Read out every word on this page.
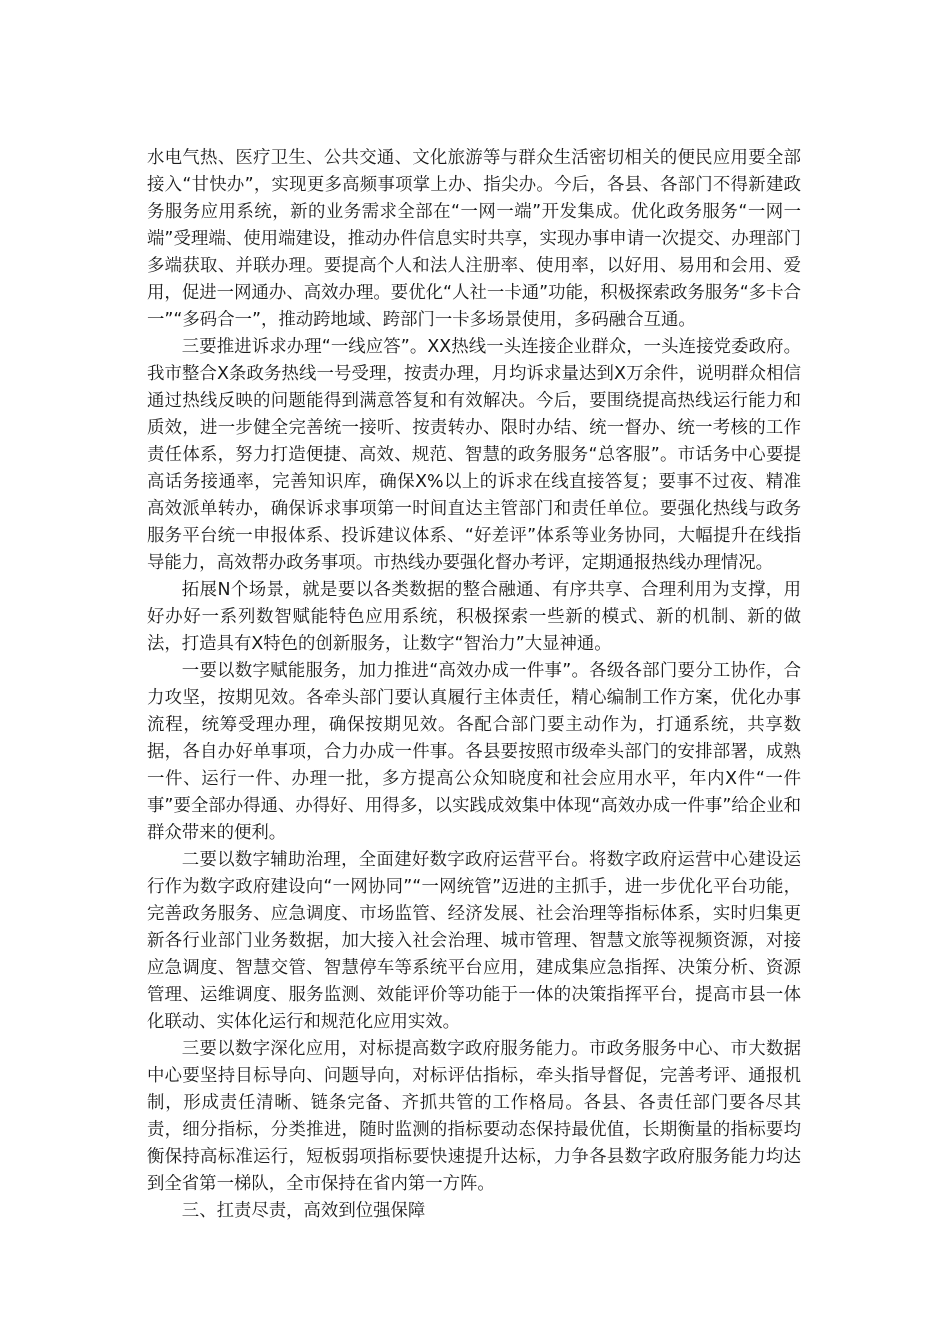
水电气热、医疗卫生、公共交通、文化旅游等与群众生活密切相关的便民应用要全部接入“甘快办”，实现更多高频事项掌上办、指尖办。今后，各县、各部门不得新建政务服务应用系统，新的业务需求全部在“一网一端”开发集成。优化政务服务“一网一端”受理端、使用端建设，推动办件信息实时共享，实现办事申请一次提交、办理部门多端获取、并联办理。要提高个人和法人注册率、使用率，以好用、易用和会用、爱用，促进一网通办、高效办理。要优化“人社一卡通”功能，积极探索政务服务“多卡合一”“多码合一”，推动跨地域、跨部门一卡多场景使用，多码融合互通。

三要推进诉求办理“一线应答”。XX热线一头连接企业群众，一头连接党委政府。我市整合X条政务热线一号受理，按责办理，月均诉求量达到X万余件，说明群众相信通过热线反映的问题能得到满意答复和有效解决。今后，要围绕提高热线运行能力和质效，进一步健全完善统一接听、按责转办、限时办结、统一督办、统一考核的工作责任体系，努力打造便捷、高效、规范、智慧的政务服务“总客服”。市话务中心要提高话务接通率，完善知识库，确保X%以上的诉求在线直接答复；要事不过夜、精准高效派单转办，确保诉求事项第一时间直达主管部门和责任单位。要强化热线与政务服务平台统一申报体系、投诉建议体系、“好差评”体系等业务协同，大幅提升在线指导能力，高效帮办政务事项。市热线办要强化督办考评，定期通报热线办理情况。

拓展N个场景，就是要以各类数据的整合融通、有序共享、合理利用为支撑，用好办好一系列数智赋能特色应用系统，积极探索一些新的模式、新的机制、新的做法，打造具有X特色的创新服务，让数字“智治力”大显神通。

一要以数字赋能服务，加力推进“高效办成一件事”。各级各部门要分工协作，合力攻坚，按期见效。各牵头部门要认真履行主体责任，精心编制工作方案，优化办事流程，统筹受理办理，确保按期见效。各配合部门要主动作为，打通系统，共享数据，各自办好单事项，合力办成一件事。各县要按照市级牵头部门的安排部署，成熟一件、运行一件、办理一批，多方提高公众知晓度和社会应用水平，年内X件“一件事”要全部办得通、办得好、用得多，以实践成效集中体现“高效办成一件事”给企业和群众带来的便利。

二要以数字辅助治理，全面建好数字政府运营平台。将数字政府运营中心建设运行作为数字政府建设向“一网协同”“一网统管”迈进的主抓手，进一步优化平台功能，完善政务服务、应急调度、市场监管、经济发展、社会治理等指标体系，实时归集更新各行业部门业务数据，加大接入社会治理、城市管理、智慧文旅等视频资源，对接应急调度、智慧交管、智慧停车等系统平台应用，建成集应急指挥、决策分析、资源管理、运维调度、服务监测、效能评价等功能于一体的决策指挥平台，提高市县一体化联动、实体化运行和规范化应用实效。

三要以数字深化应用，对标提高数字政府服务能力。市政务服务中心、市大数据中心要坚持目标导向、问题导向，对标评估指标，牵头指导督促，完善考评、通报机制，形成责任清晰、链条完备、齐抓共管的工作格局。各县、各责任部门要各尽其责，细分指标，分类推进，随时监测的指标要动态保持最优值，长期衡量的指标要均衡保持高标准运行，短板弱项指标要快速提升达标，力争各县数字政府服务能力均达到全省第一梯队，全市保持在省内第一方阵。

三、扛责尽责，高效到位强保障
